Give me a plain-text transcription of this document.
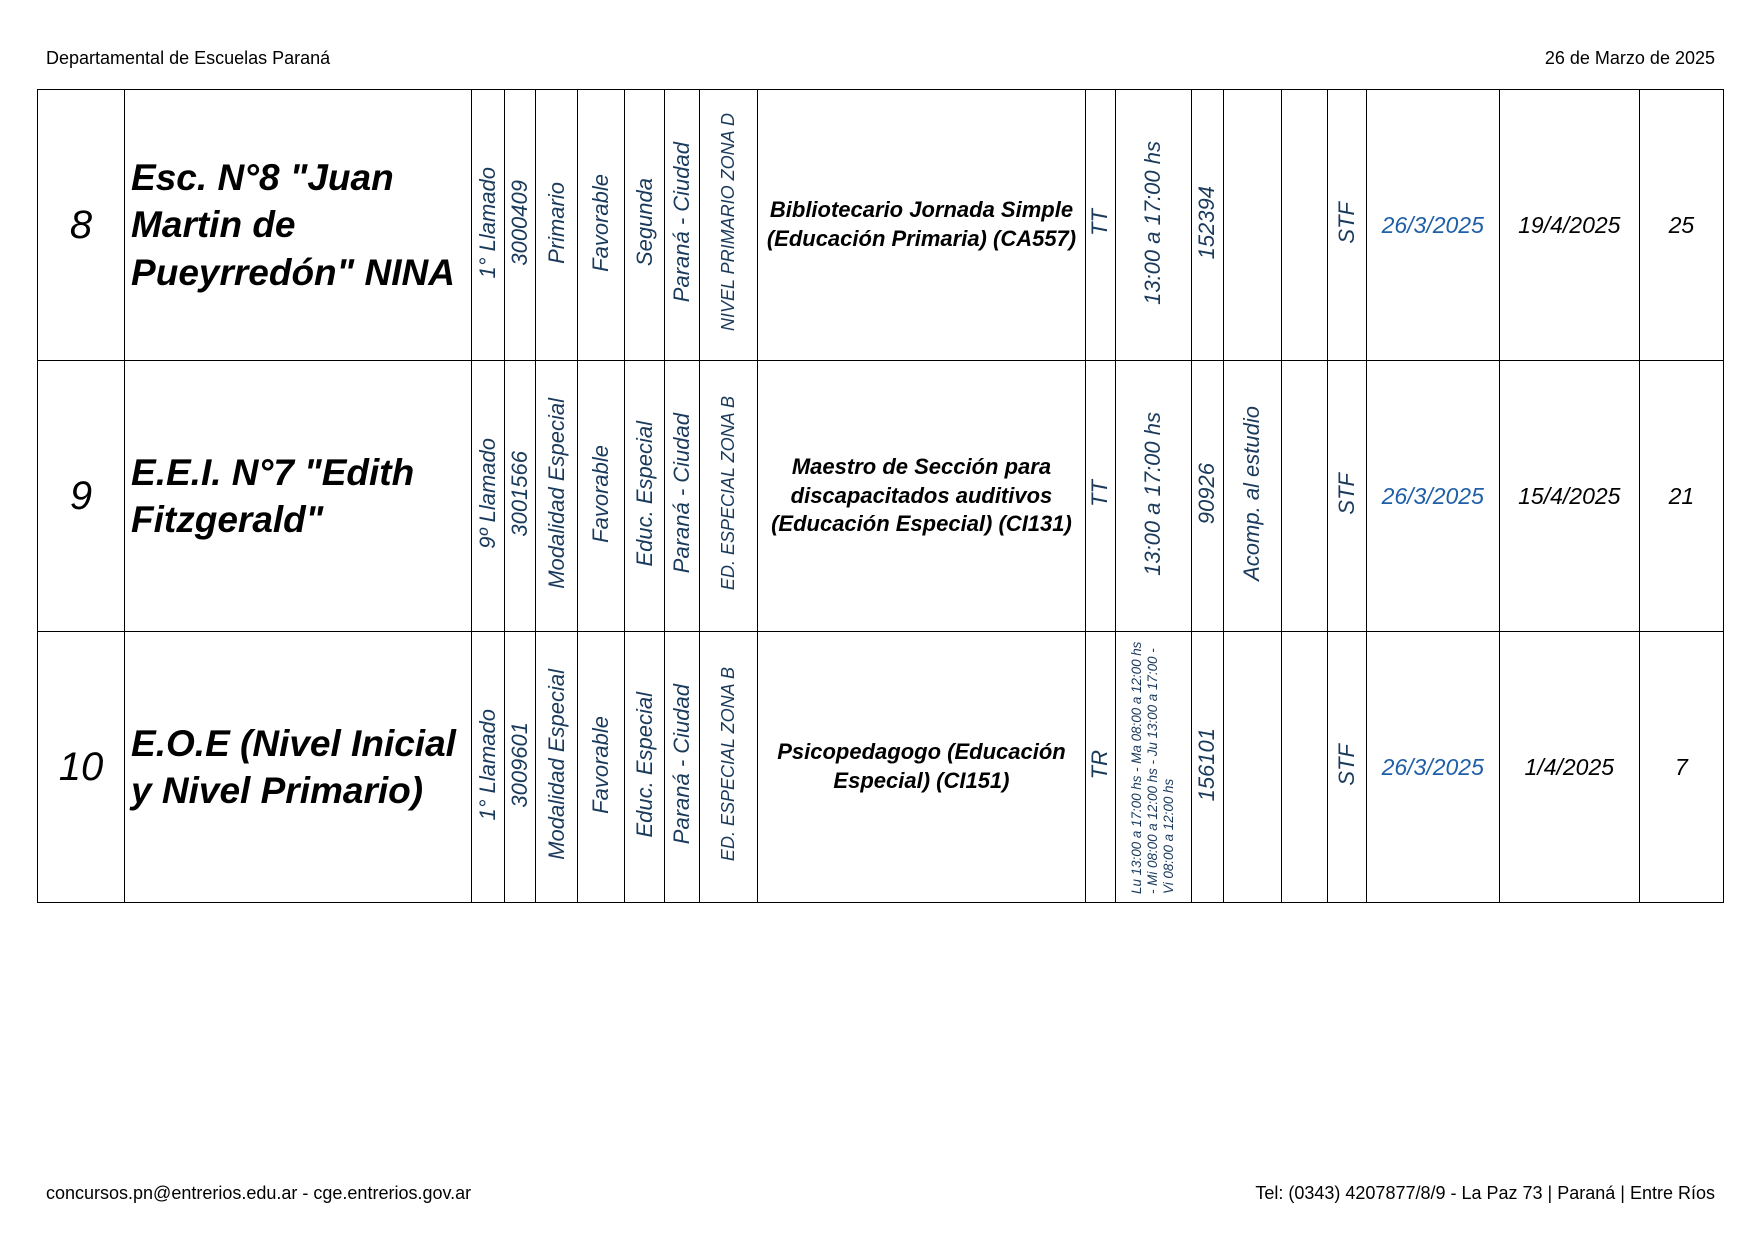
Departamental de Escuelas Paraná	26 de Marzo de 2025
8	Esc. N°8 "Juan Martin de Pueyrredón" NINA	1° Llamado	3000409	Primario	Favorable	Segunda	Paraná - Ciudad	NIVEL PRIMARIO ZONA D	Bibliotecario Jornada Simple (Educación Primaria) (CA557)	TT	13:00 a 17:00 hs	152394			STF	26/3/2025	19/4/2025	25
9	E.E.I. N°7 "Edith Fitzgerald"	9º Llamado	3001566	Modalidad Especial	Favorable	Educ. Especial	Paraná - Ciudad	ED. ESPECIAL ZONA B	Maestro de Sección para discapacitados auditivos (Educación Especial) (CI131)	TT	13:00 a 17:00 hs	90926	Acomp. al estudio		STF	26/3/2025	15/4/2025	21
10	E.O.E (Nivel Inicial y Nivel Primario)	1° Llamado	3009601	Modalidad Especial	Favorable	Educ. Especial	Paraná - Ciudad	ED. ESPECIAL ZONA B	Psicopedagogo (Educación Especial) (CI151)	TR	Lu 13:00 a 17:00 hs - Ma 08:00 a 12:00 hs - Mi 08:00 a 12:00 hs - Ju 13:00 a 17:00 - Vi 08:00 a 12:00 hs	156101			STF	26/3/2025	1/4/2025	7
concursos.pn@entrerios.edu.ar - cge.entrerios.gov.ar	Tel: (0343) 4207877/8/9 - La Paz 73 | Paraná | Entre Ríos
